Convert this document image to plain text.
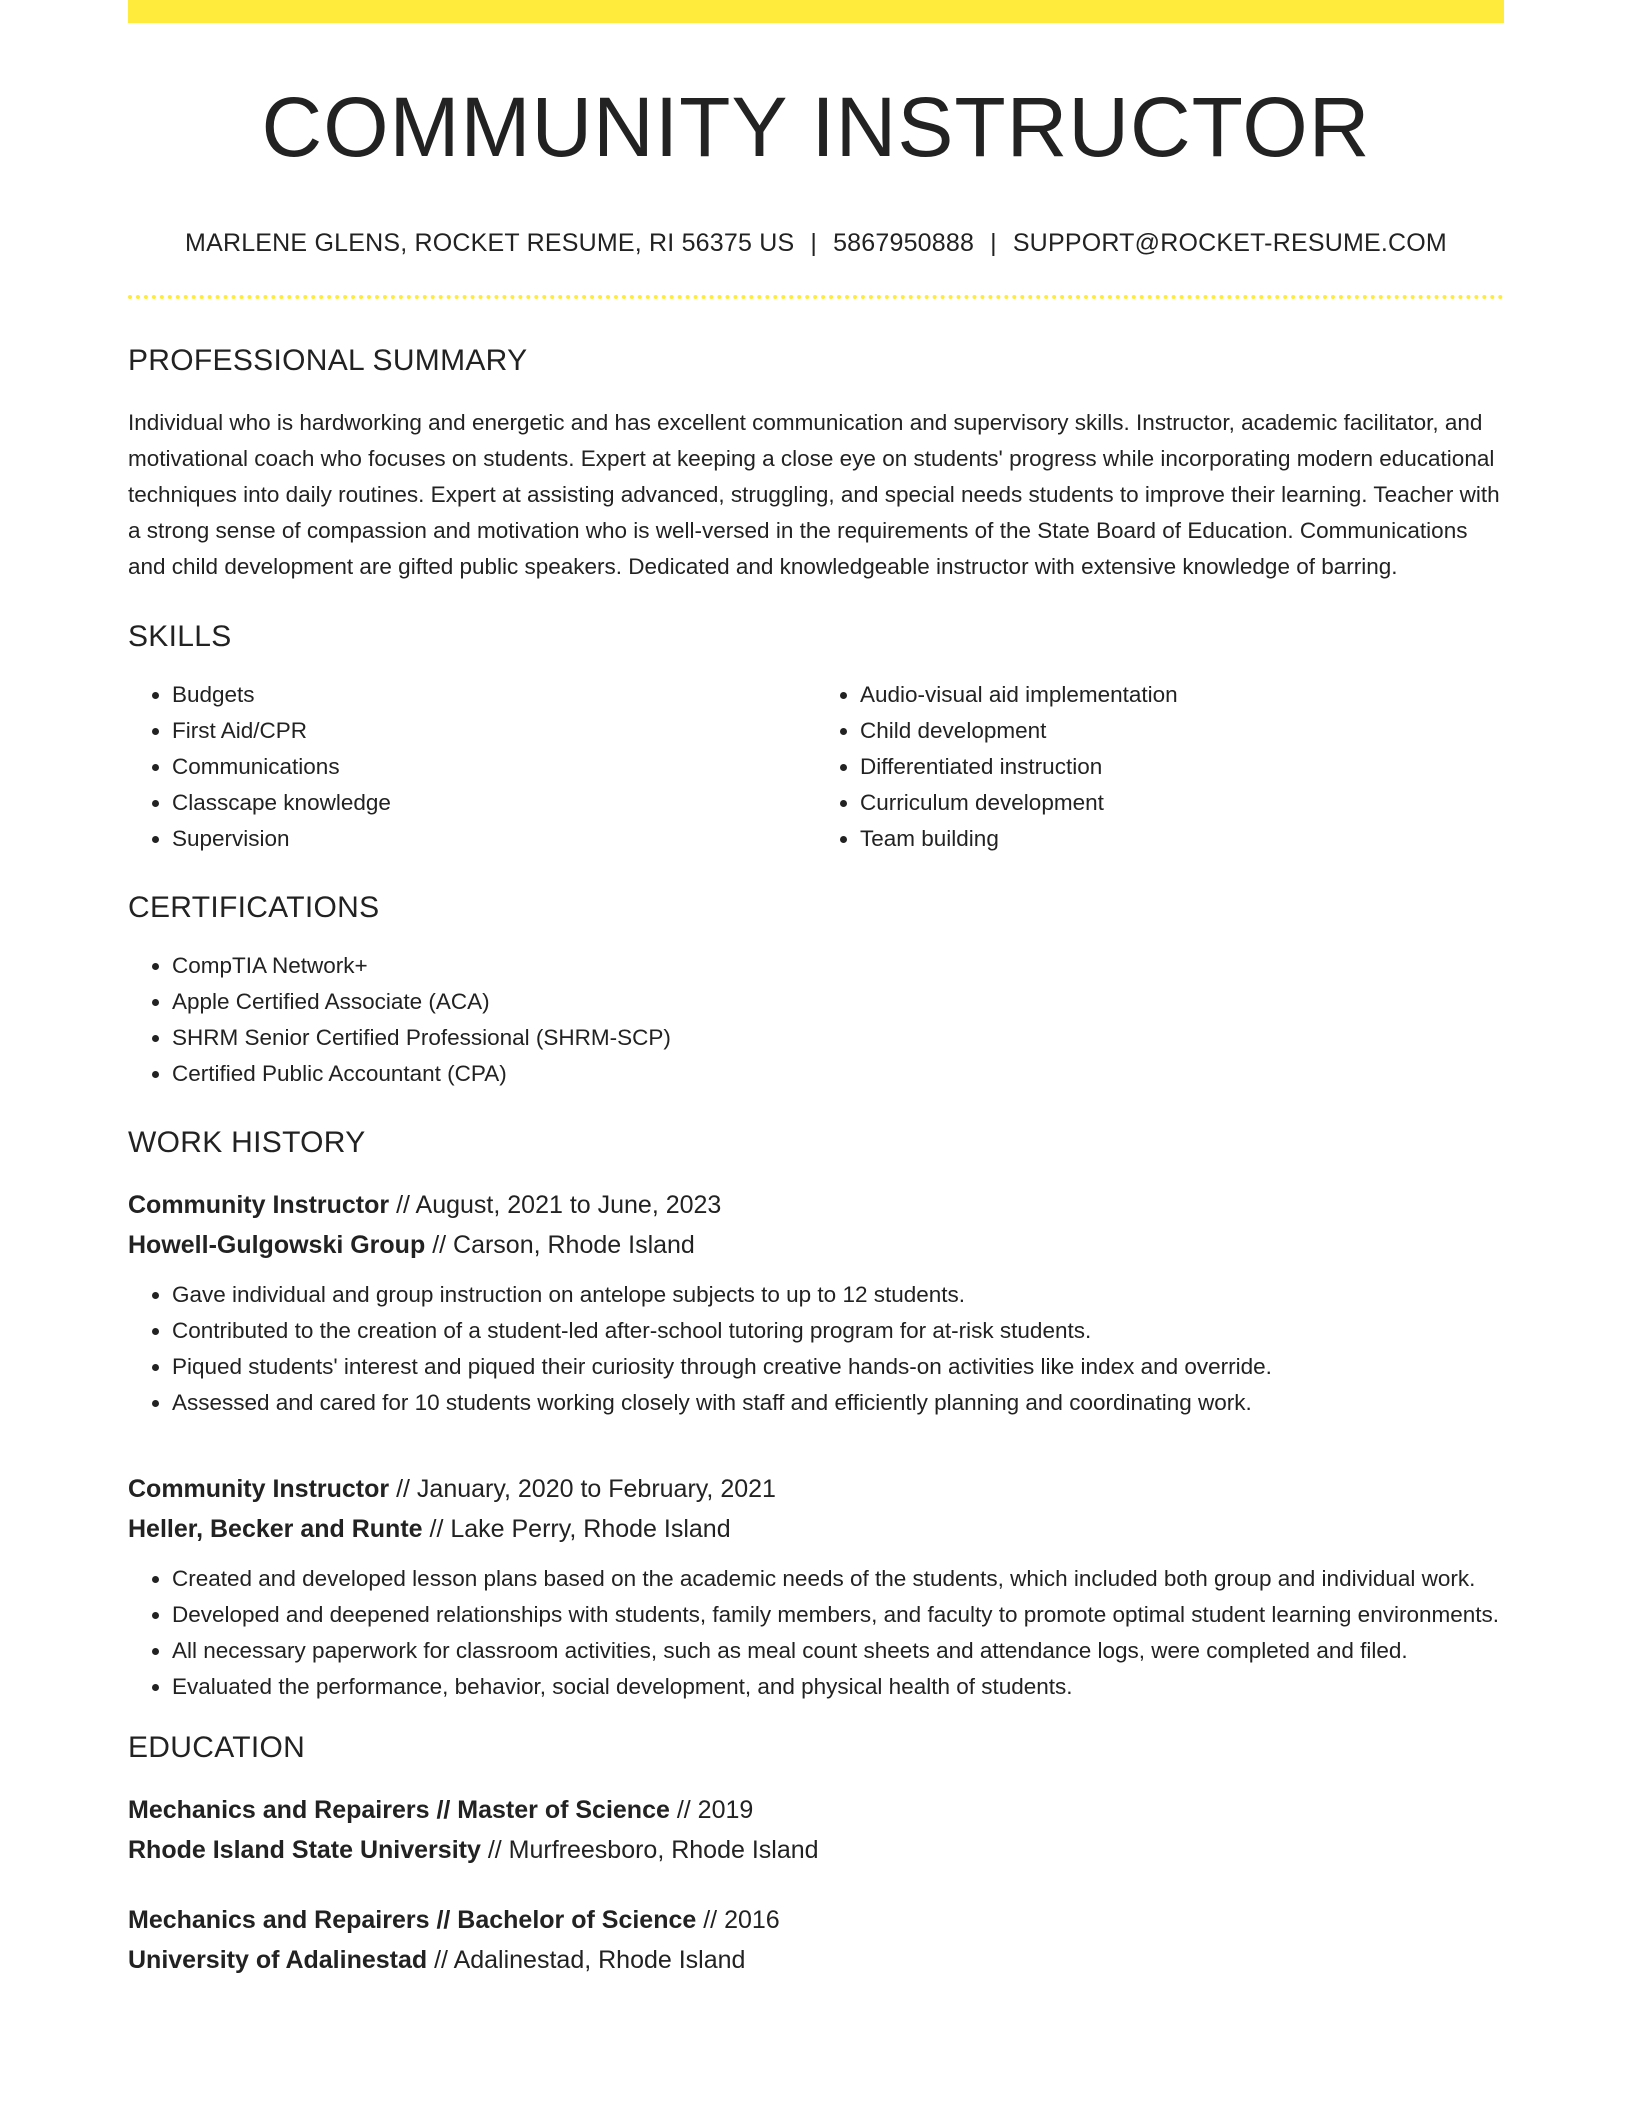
COMMUNITY INSTRUCTOR
MARLENE GLENS, ROCKET RESUME, RI 56375 US | 5867950888 | SUPPORT@ROCKET-RESUME.COM
PROFESSIONAL SUMMARY

Individual who is hardworking and energetic and has excellent communication and supervisory skills. Instructor, academic facilitator, and motivational coach who focuses on students. Expert at keeping a close eye on students' progress while incorporating modern educational techniques into daily routines. Expert at assisting advanced, struggling, and special needs students to improve their learning. Teacher with a strong sense of compassion and motivation who is well-versed in the requirements of the State Board of Education. Communications and child development are gifted public speakers. Dedicated and knowledgeable instructor with extensive knowledge of barring.

SKILLS
• Budgets
• First Aid/CPR
• Communications
• Classcape knowledge
• Supervision
• Audio-visual aid implementation
• Child development
• Differentiated instruction
• Curriculum development
• Team building
CERTIFICATIONS
• CompTIA Network+
• Apple Certified Associate (ACA)
• SHRM Senior Certified Professional (SHRM-SCP)
• Certified Public Accountant (CPA)
WORK HISTORY
Community Instructor // August, 2021 to June, 2023
Howell-Gulgowski Group // Carson, Rhode Island
• Gave individual and group instruction on antelope subjects to up to 12 students.
• Contributed to the creation of a student-led after-school tutoring program for at-risk students.
• Piqued students' interest and piqued their curiosity through creative hands-on activities like index and override.
• Assessed and cared for 10 students working closely with staff and efficiently planning and coordinating work.
Community Instructor // January, 2020 to February, 2021
Heller, Becker and Runte // Lake Perry, Rhode Island
• Created and developed lesson plans based on the academic needs of the students, which included both group and individual work.
• Developed and deepened relationships with students, family members, and faculty to promote optimal student learning environments.
• All necessary paperwork for classroom activities, such as meal count sheets and attendance logs, were completed and filed.
• Evaluated the performance, behavior, social development, and physical health of students.
EDUCATION
Mechanics and Repairers // Master of Science // 2019
Rhode Island State University // Murfreesboro, Rhode Island
Mechanics and Repairers // Bachelor of Science // 2016
University of Adalinestad // Adalinestad, Rhode Island
